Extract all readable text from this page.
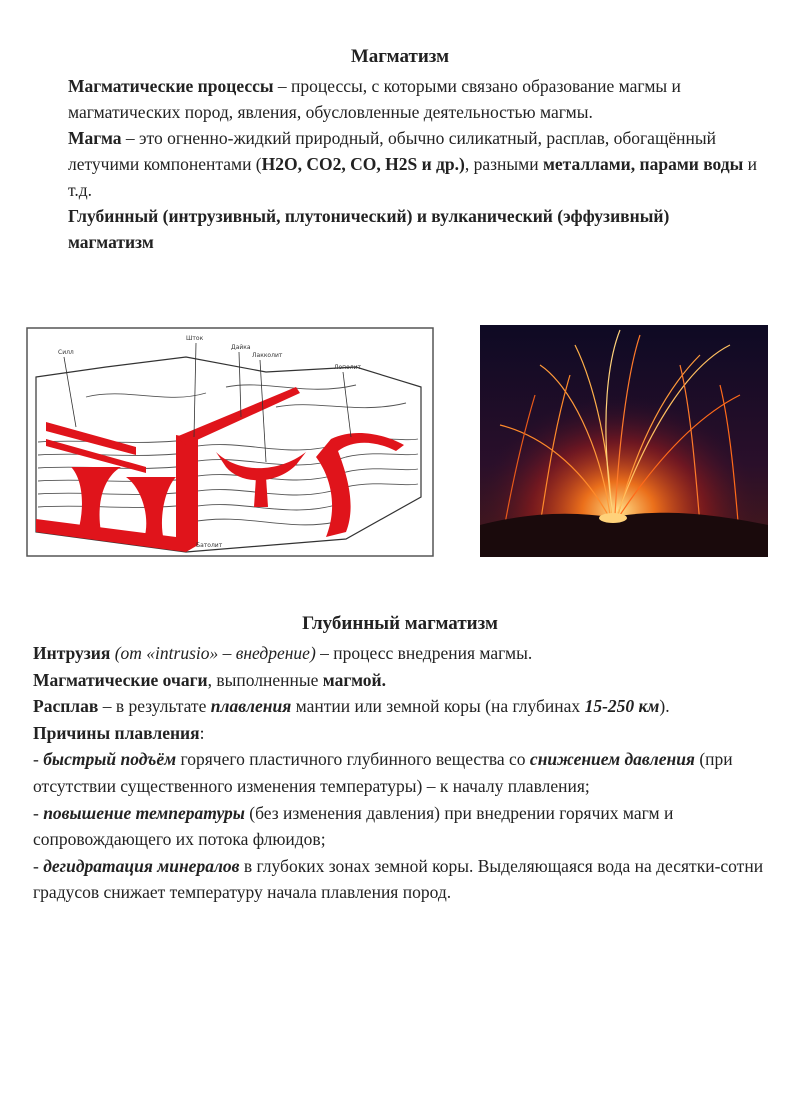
Магматизм
Магматические процессы – процессы, с которыми связано образование магмы и магматических пород, явления, обусловленные деятельностью магмы.
Магма – это огненно-жидкий природный, обычно силикатный, расплав, обогащённый летучими компонентами (H2O, CO2, CO, H2S и др.), разными металлами, парами воды и т.д.
Глубинный (интрузивный, плутонический) и вулканический (эффузивный) магматизм
Силл
Шток
Дайка
Лакколит
Лополит
Батолит
Глубинный магматизм
Интрузия (от «intrusio» – внедрение) – процесс внедрения магмы.
Магматические очаги, выполненные магмой.
Расплав – в результате плавления мантии или земной коры (на глубинах 15-250 км).
Причины плавления:
- быстрый подъём горячего пластичного глубинного вещества со снижением давления (при отсутствии существенного изменения температуры) – к началу плавления;
- повышение температуры (без изменения давления) при внедрении горячих магм и сопровождающего их потока флюидов;
- дегидратация минералов в глубоких зонах земной коры. Выделяющаяся вода на десятки-сотни градусов снижает температуру начала плавления пород.
